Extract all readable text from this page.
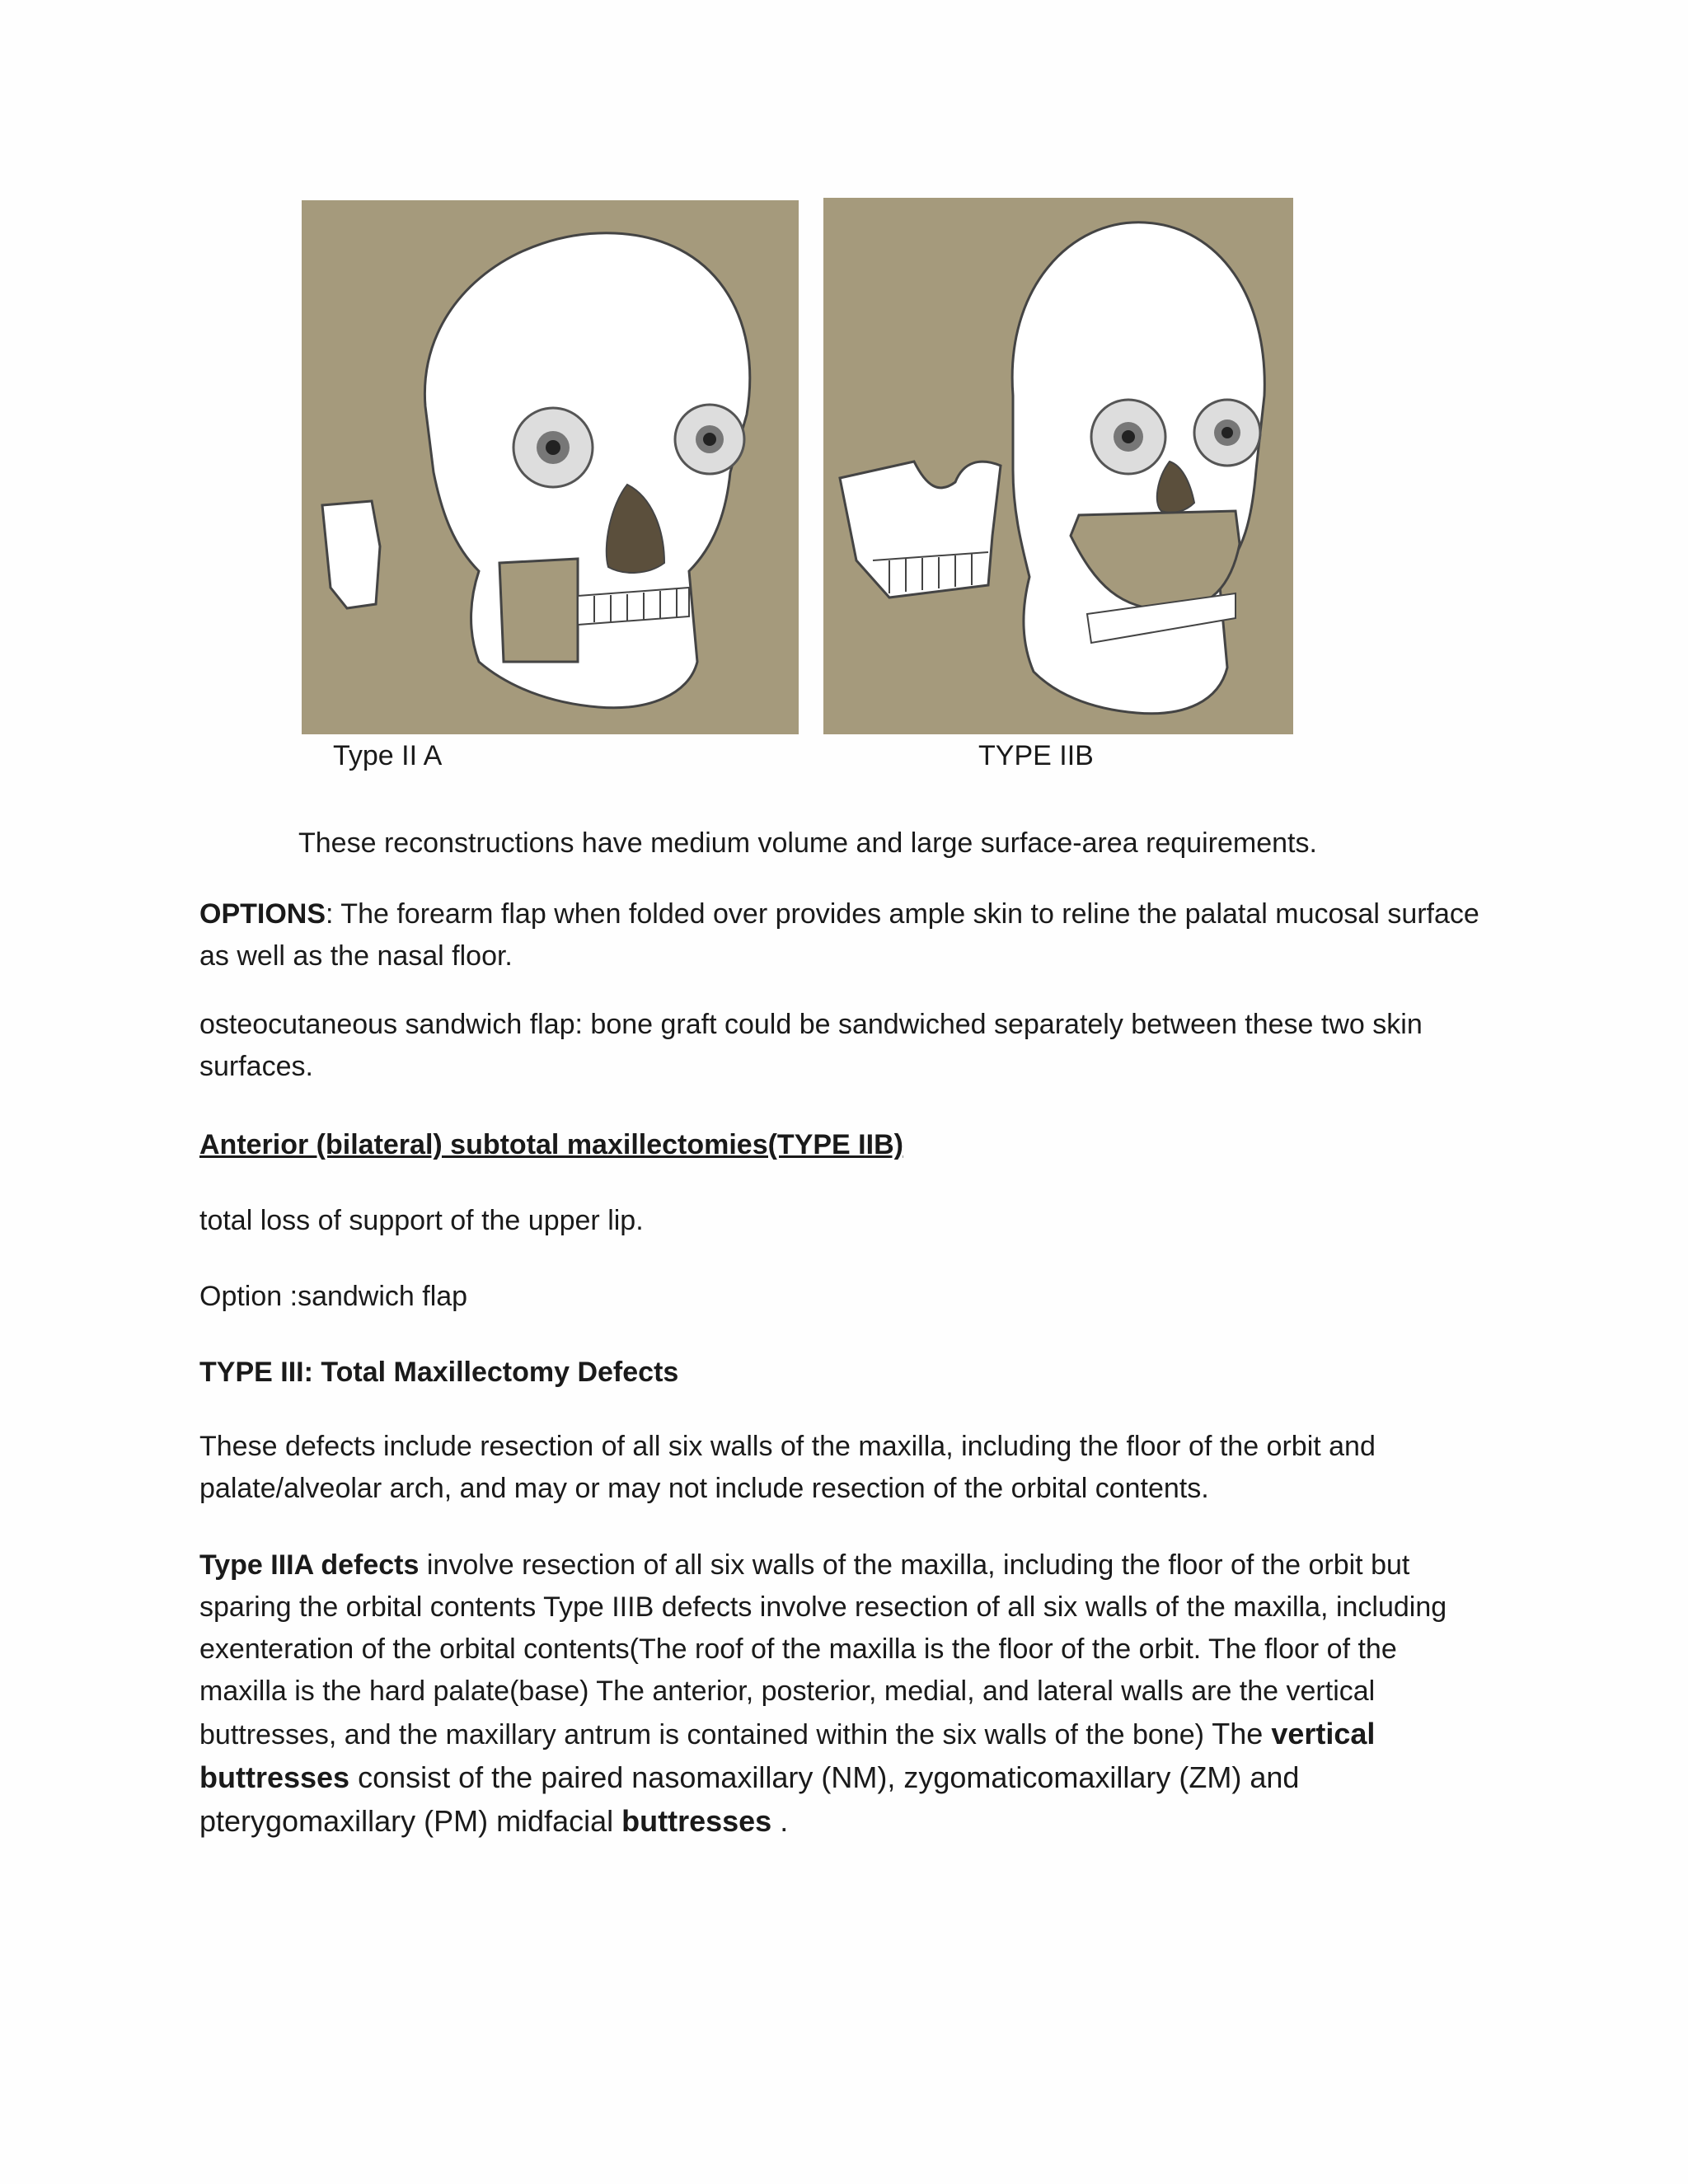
Type II A	TYPE IIB
These reconstructions have medium volume and large surface-area requirements.
OPTIONS: The forearm flap when folded over provides ample skin to reline the palatal mucosal surface as well as the nasal floor.
osteocutaneous sandwich flap: bone graft could be sandwiched separately between these two skin surfaces.
Anterior (bilateral) subtotal maxillectomies(TYPE IIB)
total loss of support of the upper lip.
Option :sandwich flap
TYPE III: Total Maxillectomy Defects
These defects include resection of all six walls of the maxilla, including the floor of the orbit and palate/alveolar arch, and may or may not include resection of the orbital contents.
Type IIIA defects involve resection of all six walls of the maxilla, including the floor of the orbit but sparing the orbital contents Type IIIB defects involve resection of all six walls of the maxilla, including exenteration of the orbital contents(The roof of the maxilla is the floor of the orbit. The floor of the maxilla is the hard palate(base) The anterior, posterior, medial, and lateral walls are the vertical buttresses, and the maxillary antrum is contained within the six walls of the bone) The vertical buttresses consist of the paired nasomaxillary (NM), zygomaticomaxillary (ZM) and pterygomaxillary (PM) midfacial buttresses .
